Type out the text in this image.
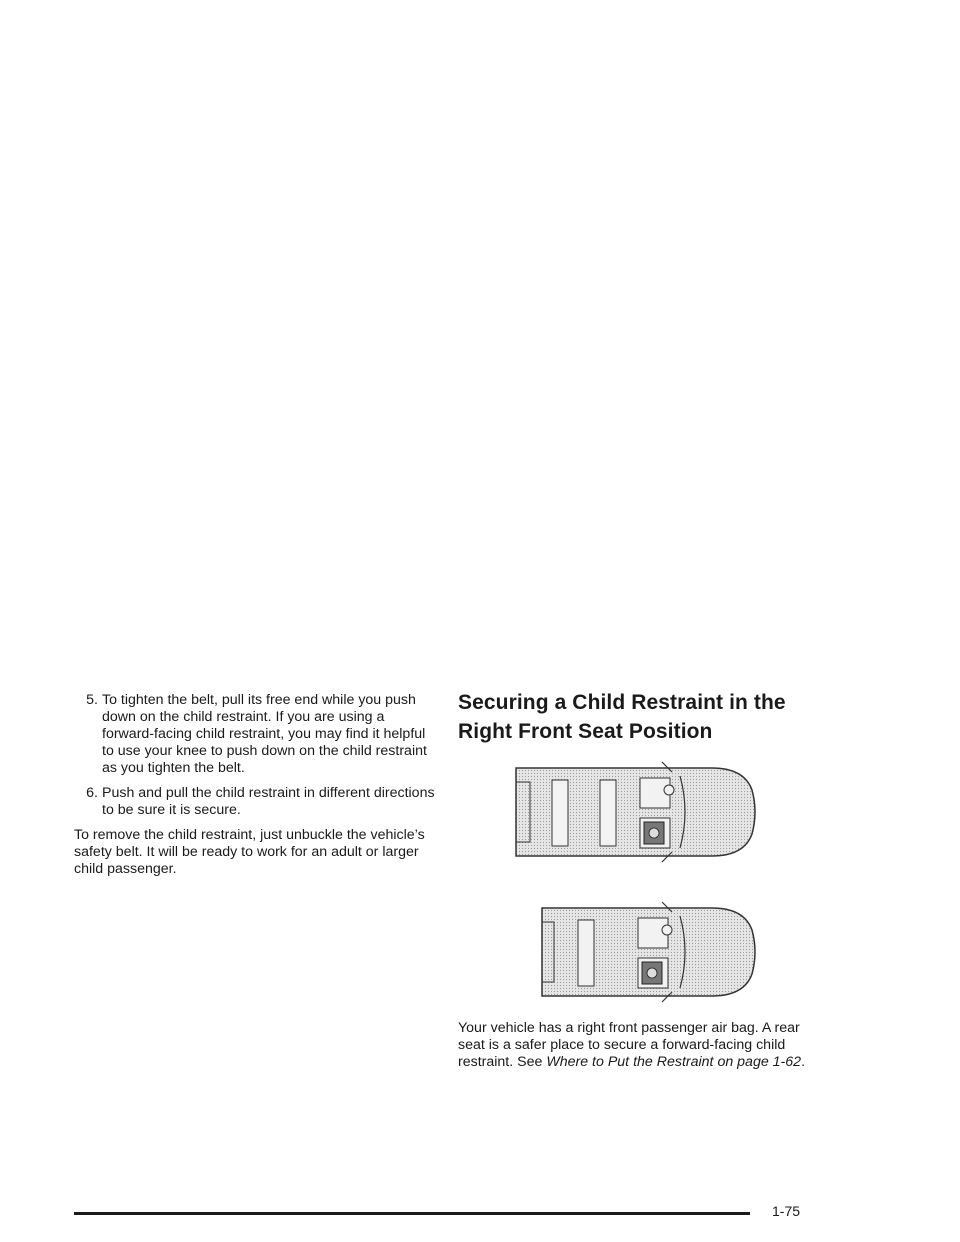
5. To tighten the belt, pull its free end while you push down on the child restraint. If you are using a forward-facing child restraint, you may find it helpful to use your knee to push down on the child restraint as you tighten the belt.
6. Push and pull the child restraint in different directions to be sure it is secure.

To remove the child restraint, just unbuckle the vehicle’s safety belt. It will be ready to work for an adult or larger child passenger.

Securing a Child Restraint in the Right Front Seat Position

Your vehicle has a right front passenger air bag. A rear seat is a safer place to secure a forward-facing child restraint. See Where to Put the Restraint on page 1-62.

1-75
